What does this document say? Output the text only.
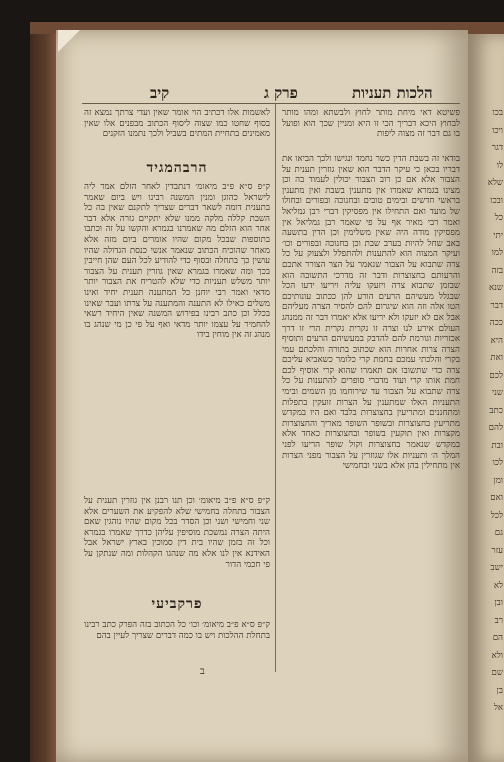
קיב	פרק ג	הלכות תעניות
לאשמות אלו דכתיב הוי אומר שאין ועדי צרתך נמצא זה בסוף שחטו כמו שצוה ליסוף הכתוב מבפנים אלו שאין מאמינים בתחיית המתים בשביל ולכך נתמנו הזקנים
הרבהמגיד
ק״פ ס״א פ״ב מיאומ׳ דנתבדין לאחר הזלם אמר ליה לישראל כהוגן ומנין המשנה רבינו ויש ביום שאמר בתענית דומה לשאר דברים שצריך לתקנם שאין בה כל השבת קללה מלקה ממנו שלא יתקיים גזרה אלא דבר אחר הוא הזלם מה שאמרנו בגמרא והקשו על זה וכתבו בתוספות שבכל מקום שהיו אומרים ביום מזה אלא מאחר שהוכיח הכתוב שנאמר אנשי כנסת הגדולה שהיו עושין כך בתחלה ובסוף כדי להודיע לכל העם שהן חייבין בכך ומה שאמרו בגמרא שאין גוזרין תענית על הצבור יותר משלש תעניות כדי שלא להטריח את הצבור יותר מדאי ואמר רבי יוחנן כל המתענה תענית יחיד ואינו משלים כאילו לא התענה והמתענה על צרתו ועבר שאינו בכלל וכן כתב רבינו בפירוש המשנה שאין היחיד רשאי להחמיר על עצמו יותר מדאי ואף על פי כן מי שנהג בו מנהג זה אין מוחין בידו
ק״פ ס״א פ״ב מיאומ׳ וכן תנו רבנן אין גוזרין תענית על הצבור בתחלה בחמישי שלא להפקיע את השערים אלא שני וחמישי ושני וכן הסדר בכל מקום שהיו נוהגין שאם היתה הצרה נמשכת מוסיפין עליהן כדרך שאמרו בגמרא וכל זה בזמן שהיו בית דין סמוכין בארץ ישראל אבל האידנא אין לנו אלא מה שנהגו הקהלות ומה שנתקן על פי חכמי הדור
פרקביעי
ק״פ ס״א פ״ב מיאומ׳ וכו׳ כל הכתוב בזה הפרק כתב רבינו בתחלת ההלכות ויש בו כמה דברים שצריך לעיין בהם
ב
פשיטא דאי מיחת מותר לחוץ ולבשתא ומהו מותר לבחוץ היכא דבריך הכי זו היא ומניין שכך הוא ופועל בו גם דבר זה מצוה ליפות
בודאי זה בשבת הדין כשר נחמד ונגישו ולכך הביאו את דבריו בכאן כי עיקר הדבר הוא שאין גוזרין תענית על הצבור אלא אם כן רוב הצבור יכולין לעמוד בה וכן מצינו בגמרא שאמרו אין מתענין בשבת ואין מתענין בראשי חדשים ובימים טובים ובחנוכה ובפורים ובחולו של מועד ואם התחילו אין מפסיקין דברי רבן גמליאל ואמר רבי מאיר אף על פי שאמר רבן גמליאל אין מפסיקין מודה היה שאין משלימין וכן הדין בתשעה באב שחל להיות בערב שבת וכן בחנוכה ובפורים וכו׳ ועיקר המצוה הוא להתענות ולהתפלל ולצעוק על כל צרה שתבוא על הצבור שנאמר על הצר הצורר אתכם והרעותם בחצוצרות ודבר זה מדרכי התשובה הוא שבזמן שתבוא צרה ויזעקו עליה ויריעו ידעו הכל שבגלל מעשיהם הרעים הורע להן ככתוב עונותיכם הטו אלה וזה הוא שיגרום להם להסיר הצרה מעליהם אבל אם לא יזעקו ולא יריעו אלא יאמרו דבר זה ממנהג העולם אירע לנו וצרה זו נקרית נקרית הרי זו דרך אכזריות וגורמת להם להדבק במעשיהם הרעים ותוסיף הצרה צרות אחרות הוא שכתוב בתורה והלכתם עמי בקרי והלכתי עמכם בחמת קרי כלומר כשאביא עליכם צרה כדי שתשובו אם תאמרו שהוא קרי אוסיף לכם חמת אותו קרי ועוד מדברי סופרים להתענות על כל צרה שתבוא על הצבור עד שירוחמו מן השמים ובימי התעניות האלו שמתענין על הצרות זועקין בתפלות ומתחננים ומתריעין בחצוצרות בלבד ואם היו במקדש מתריעין בחצוצרות ובשופר השופר מאריך והחצוצרות מקצרות ואין תוקעין בשופר ובחצוצרות כאחד אלא במקדש שנאמר בחצוצרות וקול שופר הריעו לפני המלך ה׳ ותעניות אלו שגוזרין על הצבור מפני הצרות אין מתחילין בהן אלא בשני ובחמישי
בכו
ויכו
דגר
לו
שלא
ובכו
כל
יתי
למו
בזה
שנא
דבר
ככה
היא
ואת
לכם
שני
כתב
להם
ובת
לכו
ומן
ואם
לכל
גם
עזר
ישב
לא
ובן
רב
הם
ולא
שם
בן
אל
